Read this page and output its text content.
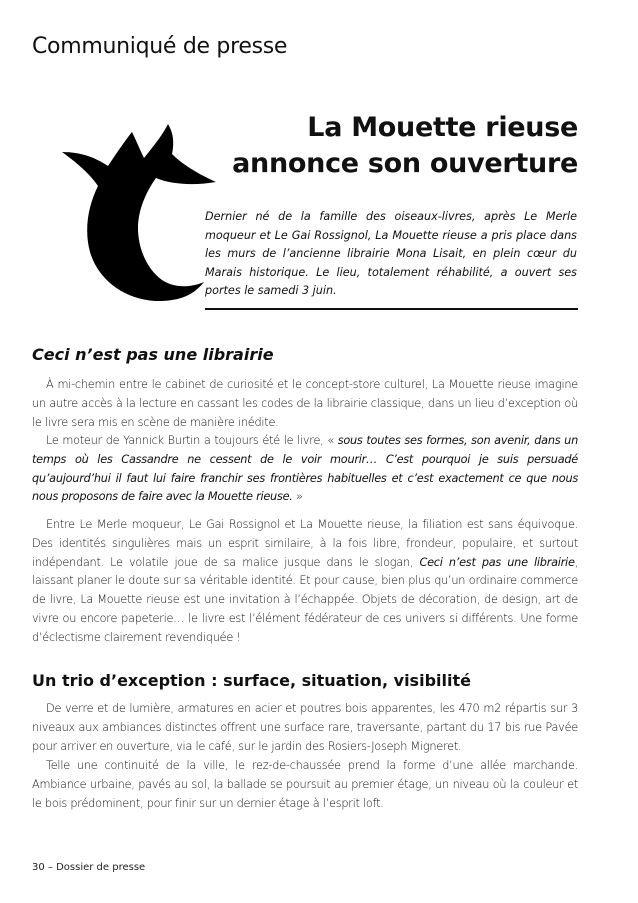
Communiqué de presse
La Mouette rieuse
annonce son ouverture

Dernier né de la famille des oiseaux-livres, après Le Merle moqueur et Le Gai Rossignol, La Mouette rieuse a pris place dans les murs de l’ancienne librairie Mona Lisait, en plein cœur du Marais historique. Le lieu, totalement réhabilité, a ouvert ses portes le samedi 3 juin.

Ceci n’est pas une librairie

À mi-chemin entre le cabinet de curiosité et le concept-store culturel, La Mouette rieuse imagine un autre accès à la lecture en cassant les codes de la librairie classique, dans un lieu d’exception où le livre sera mis en scène de manière inédite.

Le moteur de Yannick Burtin a toujours été le livre, « sous toutes ses formes, son avenir, dans un temps où les Cassandre ne cessent de le voir mourir… C’est pourquoi je suis persuadé qu’aujourd’hui il faut lui faire franchir ses frontières habituelles et c’est exactement ce que nous nous proposons de faire avec la Mouette rieuse. »

Entre Le Merle moqueur, Le Gai Rossignol et La Mouette rieuse, la filiation est sans équivoque. Des identités singulières mais un esprit similaire, à la fois libre, frondeur, populaire, et surtout indépendant. Le volatile joue de sa malice jusque dans le slogan, Ceci n’est pas une librairie, laissant planer le doute sur sa véritable identité. Et pour cause, bien plus qu’un ordinaire commerce de livre, La Mouette rieuse est une invitation à l’échappée. Objets de décoration, de design, art de vivre ou encore papeterie… le livre est l’élément fédérateur de ces univers si différents. Une forme d’éclectisme clairement revendiquée !

Un trio d’exception : surface, situation, visibilité

De verre et de lumière, armatures en acier et poutres bois apparentes, les 470 m2 répartis sur 3 niveaux aux ambiances distinctes offrent une surface rare, traversante, partant du 17 bis rue Pavée pour arriver en ouverture, via le café, sur le jardin des Rosiers-Joseph Migneret.

Telle une continuité de la ville, le rez-de-chaussée prend la forme d’une allée marchande. Ambiance urbaine, pavés au sol, la ballade se poursuit au premier étage, un niveau où la couleur et le bois prédominent, pour finir sur un dernier étage à l’esprit loft.

30 – Dossier de presse
